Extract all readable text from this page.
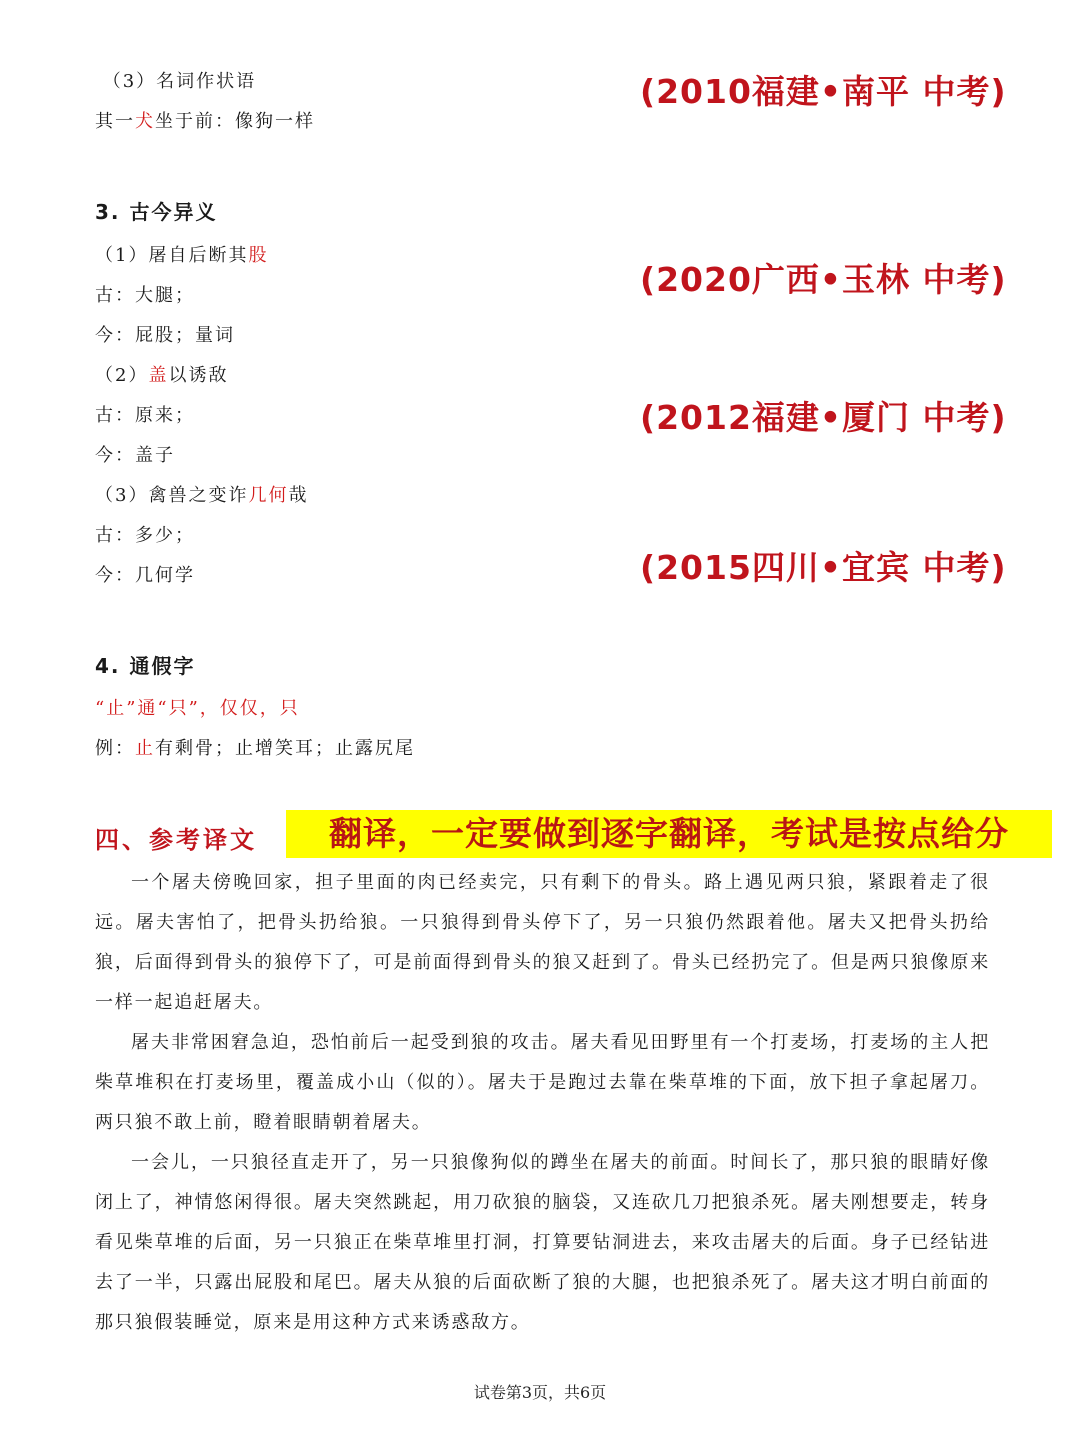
（3）名词作状语
其一犬坐于前：像狗一样
(2010福建•南平 中考)
(2020广西•玉林 中考)
(2012福建•厦门 中考)
(2015四川•宜宾 中考)
3. 古今异义
（1）屠自后断其股
古：大腿；
今：屁股；量词
（2）盖以诱敌
古：原来；
今：盖子
（3）禽兽之变诈几何哉
古：多少；
今：几何学
4. 通假字
“止”通“只”，仅仅，只
例：止有剩骨；止增笑耳；止露尻尾
四、参考译文	翻译，一定要做到逐字翻译，考试是按点给分

一个屠夫傍晚回家，担子里面的肉已经卖完，只有剩下的骨头。路上遇见两只狼，紧跟着走了很远。屠夫害怕了，把骨头扔给狼。一只狼得到骨头停下了，另一只狼仍然跟着他。屠夫又把骨头扔给狼，后面得到骨头的狼停下了，可是前面得到骨头的狼又赶到了。骨头已经扔完了。但是两只狼像原来一样一起追赶屠夫。

屠夫非常困窘急迫，恐怕前后一起受到狼的攻击。屠夫看见田野里有一个打麦场，打麦场的主人把柴草堆积在打麦场里，覆盖成小山（似的）。屠夫于是跑过去靠在柴草堆的下面，放下担子拿起屠刀。两只狼不敢上前，瞪着眼睛朝着屠夫。

一会儿，一只狼径直走开了，另一只狼像狗似的蹲坐在屠夫的前面。时间长了，那只狼的眼睛好像闭上了，神情悠闲得很。屠夫突然跳起，用刀砍狼的脑袋，又连砍几刀把狼杀死。屠夫刚想要走，转身看见柴草堆的后面，另一只狼正在柴草堆里打洞，打算要钻洞进去，来攻击屠夫的后面。身子已经钻进去了一半，只露出屁股和尾巴。屠夫从狼的后面砍断了狼的大腿，也把狼杀死了。屠夫这才明白前面的那只狼假装睡觉，原来是用这种方式来诱惑敌方。

试卷第3页，共6页
